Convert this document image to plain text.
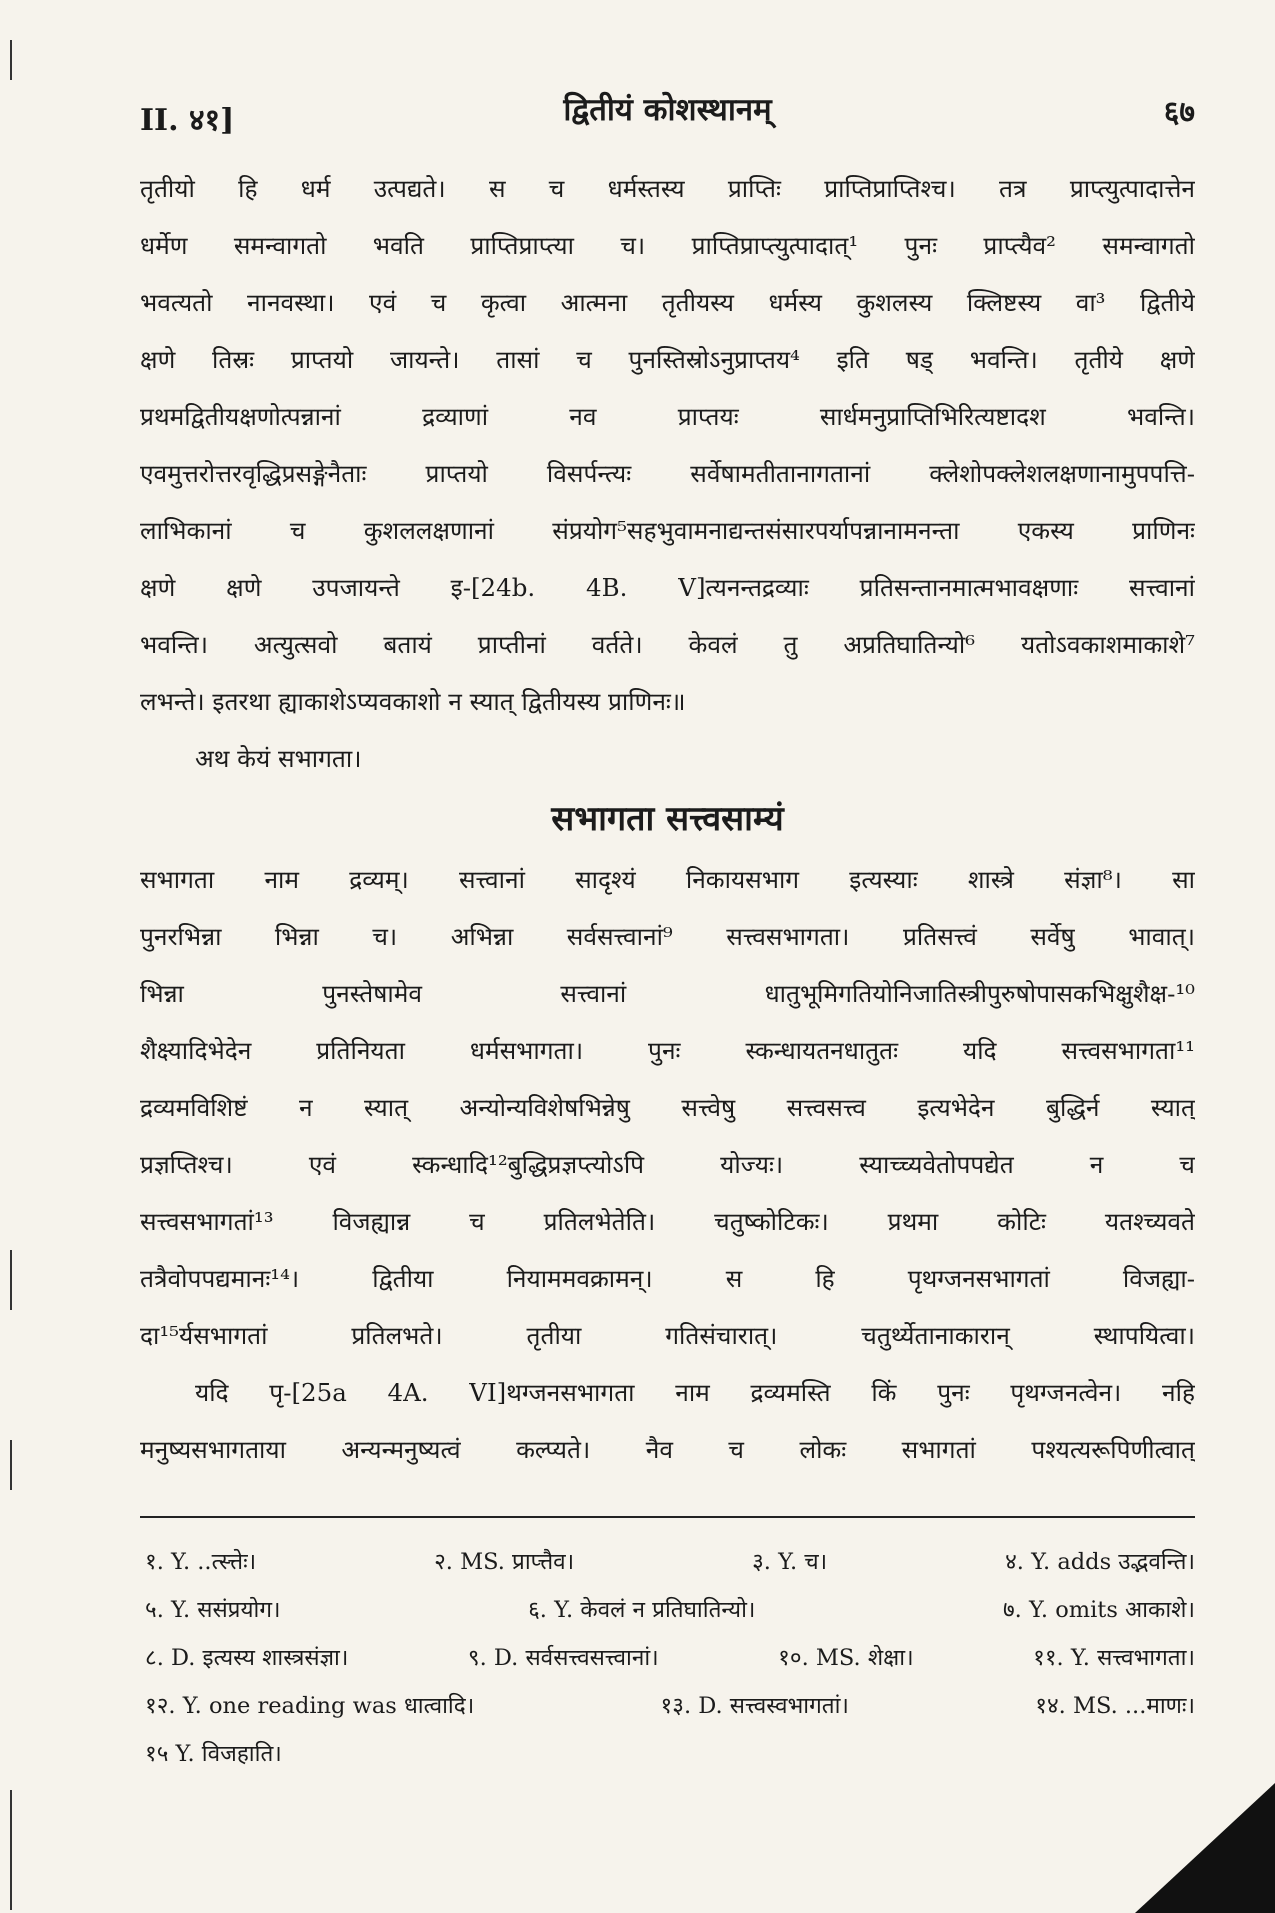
II. ४१]	द्वितीयं कोशस्थानम्	६७
तृतीयो हि धर्म उत्पद्यते। स च धर्मस्तस्य प्राप्तिः प्राप्तिप्राप्तिश्च। तत्र प्राप्त्युत्पादात्तेन
धर्मेण समन्वागतो भवति प्राप्तिप्राप्त्या च। प्राप्तिप्राप्त्युत्पादात्¹ पुनः प्राप्त्यैव² समन्वागतो
भवत्यतो नानवस्था। एवं च कृत्वा आत्मना तृतीयस्य धर्मस्य कुशलस्य क्लिष्टस्य वा³ द्वितीये
क्षणे तिस्रः प्राप्तयो जायन्ते। तासां च पुनस्तिस्रोऽनुप्राप्तय⁴ इति षड् भवन्ति। तृतीये क्षणे
प्रथमद्वितीयक्षणोत्पन्नानां द्रव्याणां नव प्राप्तयः सार्धमनुप्राप्तिभिरित्यष्टादश भवन्ति।
एवमुत्तरोत्तरवृद्धिप्रसङ्गेनैताः प्राप्तयो विसर्पन्त्यः सर्वेषामतीतानागतानां क्लेशोपक्लेशलक्षणानामुपपत्ति-
लाभिकानां च कुशललक्षणानां संप्रयोग⁵सहभुवामनाद्यन्तसंसारपर्यापन्नानामनन्ता एकस्य प्राणिनः
क्षणे क्षणे उपजायन्ते इ-[24b. 4B. V]त्यनन्तद्रव्याः प्रतिसन्तानमात्मभावक्षणाः सत्त्वानां
भवन्ति। अत्युत्सवो बतायं प्राप्तीनां वर्तते। केवलं तु अप्रतिघातिन्यो⁶ यतोऽवकाशमाकाशे⁷
लभन्ते। इतरथा ह्याकाशेऽप्यवकाशो न स्यात् द्वितीयस्य प्राणिनः॥
अथ केयं सभागता।
सभागता सत्त्वसाम्यं
सभागता नाम द्रव्यम्। सत्त्वानां सादृश्यं निकायसभाग इत्यस्याः शास्त्रे संज्ञा⁸। सा
पुनरभिन्ना भिन्ना च। अभिन्ना सर्वसत्त्वानां⁹ सत्त्वसभागता। प्रतिसत्त्वं सर्वेषु भावात्।
भिन्ना पुनस्तेषामेव सत्त्वानां धातुभूमिगतियोनिजातिस्त्रीपुरुषोपासकभिक्षुशैक्ष-¹⁰
शैक्ष्यादिभेदेन प्रतिनियता धर्मसभागता। पुनः स्कन्धायतनधातुतः यदि सत्त्वसभागता¹¹
द्रव्यमविशिष्टं न स्यात् अन्योन्यविशेषभिन्नेषु सत्त्वेषु सत्त्वसत्त्व इत्यभेदेन बुद्धिर्न स्यात्
प्रज्ञप्तिश्च। एवं स्कन्धादि¹²बुद्धिप्रज्ञप्त्योऽपि योज्यः। स्याच्च्यवेतोपपद्येत न च
सत्त्वसभागतां¹³ विजह्यान्न च प्रतिलभेतेति। चतुष्कोटिकः। प्रथमा कोटिः यतश्च्यवते
तत्रैवोपपद्यमानः¹⁴। द्वितीया नियाममवक्रामन्। स हि पृथग्जनसभागतां विजह्या-
दा¹⁵र्यसभागतां प्रतिलभते। तृतीया गतिसंचारात्। चतुर्थ्येतानाकारान् स्थापयित्वा।
यदि पृ-[25a 4A. VI]थग्जनसभागता नाम द्रव्यमस्ति किं पुनः पृथग्जनत्वेन। नहि
मनुष्यसभागताया अन्यन्मनुष्यत्वं कल्प्यते। नैव च लोकः सभागतां पश्यत्यरूपिणीत्वात्
१. Y. ..त्स्त्तेः।	२. MS. प्राप्त्तैव।	३. Y. च।	४. Y. adds उद्भवन्ति।
५. Y. ससंप्रयोग।	६. Y. केवलं न प्रतिघातिन्यो।	७. Y. omits आकाशे।
८. D. इत्यस्य शास्त्रसंज्ञा।	९. D. सर्वसत्त्वसत्त्वानां।	१०. MS. शेक्षा।	११. Y. सत्त्वभागता।
१२. Y. one reading was धात्वादि।	१३. D. सत्त्वस्वभागतां।	१४. MS. ...माणः।
१५ Y. विजहाति।
